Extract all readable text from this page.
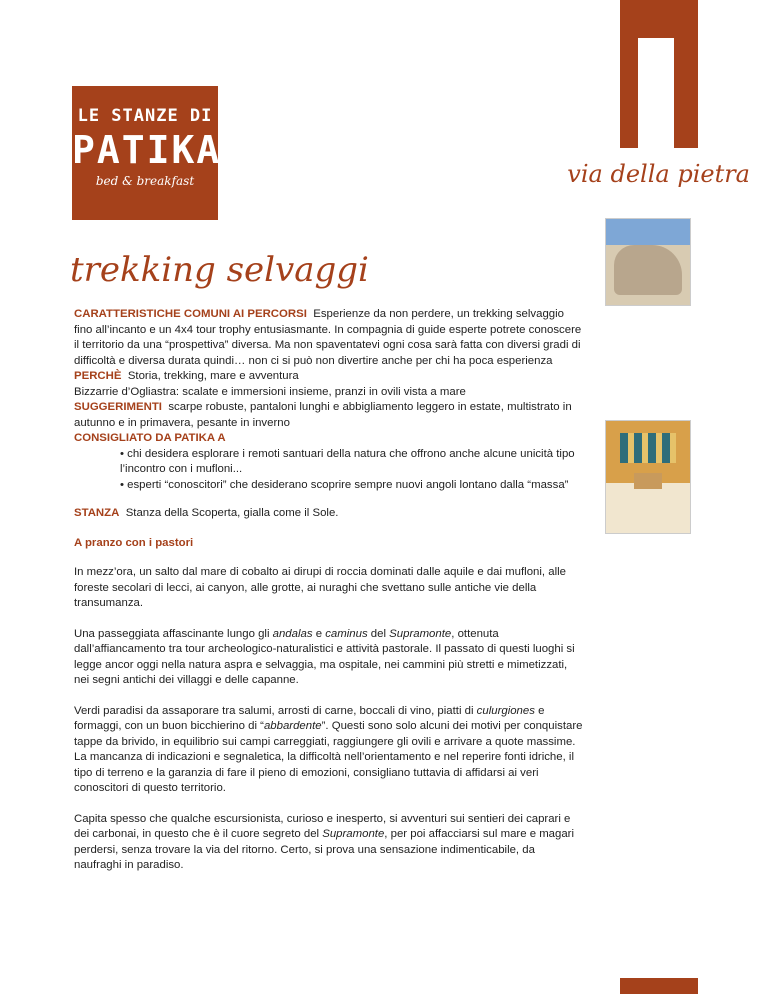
LE STANZE DI
PATIKA
bed & breakfast	via della pietra
trekking selvaggi

CARATTERISTICHE COMUNI AI PERCORSI Esperienze da non perdere, un trekking selvaggio fino all’incanto e un 4x4 tour trophy entusiasmante. In compagnia di guide esperte potrete conoscere il territorio da una “prospettiva” diversa. Ma non spaventatevi ogni cosa sarà fatta con diversi gradi di difficoltà e diversa durata quindi… non ci si può non divertire anche per chi ha poca esperienza

PERCHÈ Storia, trekking, mare e avventura

Bizzarrie d’Ogliastra: scalate e immersioni insieme, pranzi in ovili vista a mare

SUGGERIMENTI scarpe robuste, pantaloni lunghi e abbigliamento leggero in estate, multistrato in autunno e in primavera, pesante in inverno

CONSIGLIATO DA PATIKA A

• chi desidera esplorare i remoti santuari della natura che offrono anche alcune unicità tipo l’incontro con i mufloni...

• esperti “conoscitori” che desiderano scoprire sempre nuovi angoli lontano dalla “massa”

STANZA Stanza della Scoperta, gialla come il Sole.

A pranzo con i pastori

In mezz’ora, un salto dal mare di cobalto ai dirupi di roccia dominati dalle aquile e dai mufloni, alle foreste secolari di lecci, ai canyon, alle grotte, ai nuraghi che svettano sulle antiche vie della transumanza.

Una passeggiata affascinante lungo gli andalas e caminus del Supramonte, ottenuta dall’affiancamento tra tour archeologico-naturalistici e attività pastorale. Il passato di questi luoghi si legge ancor oggi nella natura aspra e selvaggia, ma ospitale, nei cammini più stretti e mimetizzati, nei segni antichi dei villaggi e delle capanne.

Verdi paradisi da assaporare tra salumi, arrosti di carne, boccali di vino, piatti di culurgiones e formaggi, con un buon bicchierino di “abbardente”. Questi sono solo alcuni dei motivi per conquistare tappe da brivido, in equilibrio sui campi carreggiati, raggiungere gli ovili e arrivare a quote massime. La mancanza di indicazioni e segnaletica, la difficoltà nell’orientamento e nel reperire fonti idriche, il tipo di terreno e la garanzia di fare il pieno di emozioni, consigliano tuttavia di affidarsi ai veri conoscitori di questo territorio.

Capita spesso che qualche escursionista, curioso e inesperto, si avventuri sui sentieri dei caprari e dei carbonai, in questo che è il cuore segreto del Supramonte, per poi affacciarsi sul mare e magari perdersi, senza trovare la via del ritorno. Certo, si prova una sensazione indimenticabile, da naufraghi in paradiso.
